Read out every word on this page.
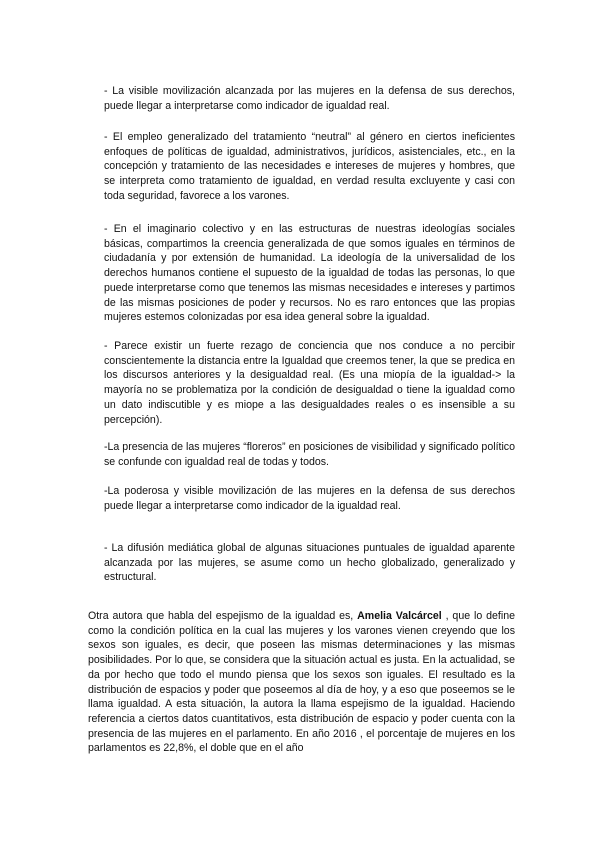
- La visible movilización alcanzada por las mujeres en la defensa de sus derechos, puede llegar a interpretarse como indicador de igualdad real.

- El empleo generalizado del tratamiento “neutral” al género en ciertos ineficientes enfoques de políticas de igualdad, administrativos, jurídicos, asistenciales, etc., en la concepción y tratamiento de las necesidades e intereses de mujeres y hombres, que se interpreta como tratamiento de igualdad, en verdad resulta excluyente y casi con toda seguridad, favorece a los varones.

- En el imaginario colectivo y en las estructuras de nuestras ideologías sociales básicas, compartimos la creencia generalizada de que somos iguales en términos de ciudadanía y por extensión de humanidad. La ideología de la universalidad de los derechos humanos contiene el supuesto de la igualdad de todas las personas, lo que puede interpretarse como que tenemos las mismas necesidades e intereses y partimos de las mismas posiciones de poder y recursos. No es raro entonces que las propias mujeres estemos colonizadas por esa idea general sobre la igualdad.

- Parece existir un fuerte rezago de conciencia que nos conduce a no percibir conscientemente la distancia entre la Igualdad que creemos tener, la que se predica en los discursos anteriores y la desigualdad real. (Es una miopía de la igualdad-> la mayoría no se problematiza por la condición de desigualdad o tiene la igualdad como un dato indiscutible y es miope a las desigualdades reales o es insensible a su percepción).

-La presencia de las mujeres “floreros” en posiciones de visibilidad y significado político se confunde con igualdad real de todas y todos.

-La poderosa y visible movilización de las mujeres en la defensa de sus derechos puede llegar a interpretarse como indicador de la igualdad real.

- La difusión mediática global de algunas situaciones puntuales de igualdad aparente alcanzada por las mujeres, se asume como un hecho globalizado, generalizado y estructural.

Otra autora que habla del espejismo de la igualdad es, Amelia Valcárcel , que lo define como la condición política en la cual las mujeres y los varones vienen creyendo que los sexos son iguales, es decir, que poseen las mismas determinaciones y las mismas posibilidades. Por lo que, se considera que la situación actual es justa. En la actualidad, se da por hecho que todo el mundo piensa que los sexos son iguales. El resultado es la distribución de espacios y poder que poseemos al día de hoy, y a eso que poseemos se le llama igualdad. A esta situación, la autora la llama espejismo de la igualdad. Haciendo referencia a ciertos datos cuantitativos, esta distribución de espacio y poder cuenta con la presencia de las mujeres en el parlamento. En año 2016 , el porcentaje de mujeres en los parlamentos es 22,8%, el doble que en el año
